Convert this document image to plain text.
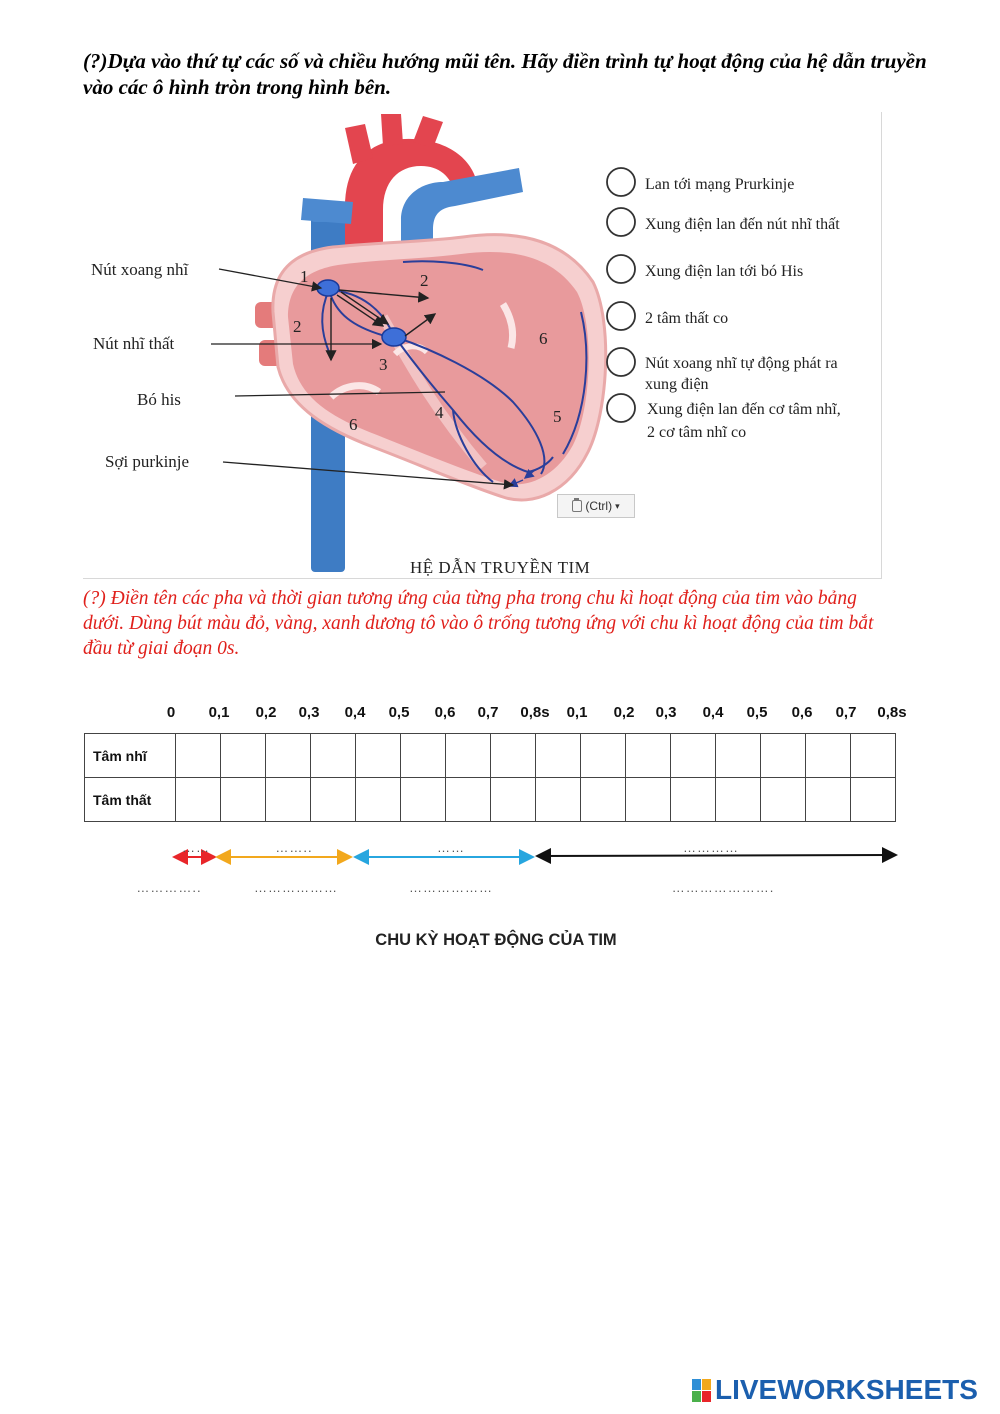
(?)Dựa vào thứ tự các số và chiều hướng mũi tên. Hãy điền trình tự hoạt động của hệ dẫn truyền vào các ô hình tròn trong hình bên.

Nút xoang nhĩ
Nút nhĩ thất
Bó his
Sợi purkinje
1	2
2
3
4	5
6
6
Lan tới mạng Prurkinje
Xung điện lan đến nút nhĩ thất
Xung điện lan tới bó His
2 tâm thất co
Nút xoang nhĩ tự động phát ra
xung điện
Xung điện lan đến cơ tâm nhĩ,
2 cơ tâm nhĩ co
HỆ DẪN TRUYỀN TIM
(Ctrl) ▾

(?) Điền tên các pha và thời gian tương ứng của từng pha trong chu kì hoạt động của tim vào bảng dưới. Dùng bút màu đỏ, vàng, xanh dương tô vào ô trống tương ứng với chu kì hoạt động của tim bắt đầu từ giai đoạn 0s.

0 0,1 0,2 0,3 0,4 0,5 0,6 0,7 0,8s 0,1 0,2 0,3 0,4 0,5 0,6 0,7 0,8s
Tâm nhĩ																
Tâm thất																
……	……..	……	…………
…………..	………………	………………	………………….
CHU KỲ HOẠT ĐỘNG CỦA TIM
LIVEWORKSHEETS
